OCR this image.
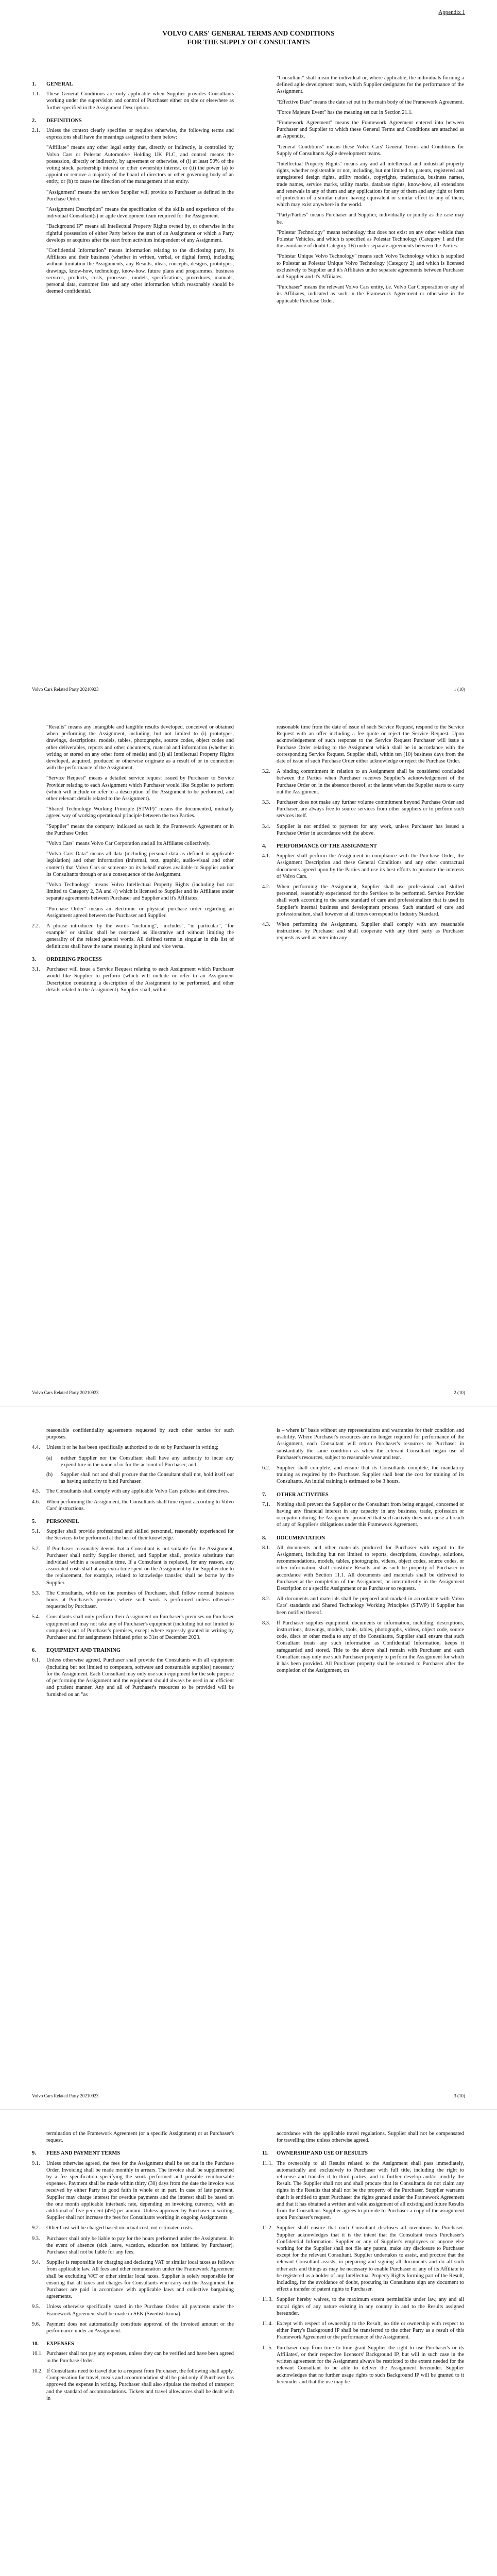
Appendix 1
VOLVO CARS' GENERAL TERMS AND CONDITIONS
FOR THE SUPPLY OF CONSULTANTS
1.	GENERAL
1.1.	These General Conditions are only applicable when Supplier provides Consultants working under the supervision and control of Purchaser either on site or elsewhere as further specified in the Assignment Description.
2.	DEFINITIONS
2.1.	Unless the context clearly specifies or requires otherwise, the following terms and expressions shall have the meanings assigned to them below:
"Affiliate" means any other legal entity that, directly or indirectly, is controlled by Volvo Cars or Polestar Automotive Holding UK PLC, and control means the possession, directly or indirectly, by agreement or otherwise, of (i) at least 50% of the voting stock, partnership interest or other ownership interest, or (ii) the power (a) to appoint or remove a majority of the board of directors or other governing body of an entity, or (b) to cause the direction of the management of an entity.
"Assignment" means the services Supplier will provide to Purchaser as defined in the Purchase Order.
"Assignment Description" means the specification of the skills and experience of the individual Consultant(s) or agile development team required for the Assignment.
"Background IP" means all Intellectual Property Rights owned by, or otherwise in the rightful possession of either Party before the start of an Assignment or which a Party develops or acquires after the start from activities independent of any Assignment.
"Confidential Information" means information relating to the disclosing party, its Affiliates and their business (whether in written, verbal, or digital form), including without limitation the Assignments, any Results, ideas, concepts, designs, prototypes, drawings, know-how, technology, know-how, future plans and programmes, business services, products, costs, processes, models, specifications, procedures, manuals, personal data, customer lists and any other information which reasonably should be deemed confidential.
"Consultant" shall mean the individual or, where applicable, the individuals forming a defined agile development team, which Supplier designates for the performance of the Assignment.
"Effective Date" means the date set out in the main body of the Framework Agreement.
"Force Majeure Event" has the meaning set out in Section 21.1.
"Framework Agreement" means the Framework Agreement entered into between Purchaser and Supplier to which these General Terms and Conditions are attached as an Appendix.
"General Conditions" means these Volvo Cars' General Terms and Conditions for Supply of Consultants Agile development teams.
"Intellectual Property Rights" means any and all intellectual and industrial property rights, whether registerable or not, including, but not limited to, patents, registered and unregistered design rights, utility models, copyrights, trademarks, business names, trade names, service marks, utility marks, database rights, know-how, all extensions and renewals in any of them and any applications for any of them and any right or form of protection of a similar nature having equivalent or similar effect to any of them, which may exist anywhere in the world.
"Party/Parties" means Purchaser and Supplier, individually or jointly as the case may be.
"Polestar Technology" means technology that does not exist on any other vehicle than Polestar Vehicles, and which is specified as Polestar Technology (Category 1 and (for the avoidance of doubt Category 1B) under separate agreements between the Parties.
"Polestar Unique Volvo Technology" means such Volvo Technology which is supplied to Polestar as Polestar Unique Volvo Technology (Category 2) and which is licensed exclusively to Supplier and it's Affiliates under separate agreements between Purchaser and Supplier and it's Affiliates.
"Purchaser" means the relevant Volvo Cars entity, i.e. Volvo Car Corporation or any of its Affiliates, indicated as such in the Framework Agreement or otherwise in the applicable Purchase Order.
Volvo Cars Related Party 20210923	1 (10)
"Results" means any intangible and tangible results developed, conceived or obtained when performing the Assignment, including, but not limited to (i) prototypes, drawings, descriptions, models, tables, photographs, source codes, object codes and other deliverables, reports and other documents, material and information (whether in writing or stored on any other form of media) and (ii) all Intellectual Property Rights developed, acquired, produced or otherwise originate as a result of or in connection with the performance of the Assignment.
"Service Request" means a detailed service request issued by Purchaser to Service Provider relating to each Assignment which Purchaser would like Supplier to perform (which will include or refer to a description of the Assignment to be performed, and other relevant details related to the Assignment).
"Shared Technology Working Principle (STWP)" means the documented, mutually agreed way of working operational principle between the two Parties.
"Supplier" means the company indicated as such in the Framework Agreement or in the Purchase Order.
"Volvo Cars" means Volvo Car Corporation and all its Affiliates collectively.
"Volvo Cars Data" means all data (including personal data as defined in applicable legislation) and other information (informal, text, graphic, audio-visual and other content) that Volvo Cars or someone on its behalf makes available to Supplier and/or its Consultants through or as a consequence of the Assignment.
"Volvo Technology" means Volvo Intellectual Property Rights (including but not limited to Category 2, 3A and 4) which is licensed to Supplier and its Affiliates under separate agreements between Purchaser and Supplier and it's Affiliates.
"Purchase Order" means an electronic or physical purchase order regarding an Assignment agreed between the Purchaser and Supplier.
2.2.	A phrase introduced by the words "including", "includes", "in particular", "for example" or similar, shall be construed as illustrative and without limiting the generality of the related general words. All defined terms in singular in this list of definitions shall have the same meaning in plural and vice versa.
3.	ORDERING PROCESS
3.1.	Purchaser will issue a Service Request relating to each Assignment which Purchaser would like Supplier to perform (which will include or refer to an Assignment Description containing a description of the Assignment to be performed, and other details related to the Assignment). Supplier shall, within
reasonable time from the date of issue of such Service Request, respond to the Service Request with an offer including a fee quote or reject the Service Request. Upon acknowledgement of such response to the Service Request Purchaser will issue a Purchase Order relating to the Assignment which shall be in accordance with the corresponding Service Request. Supplier shall, within ten (10) business days from the date of issue of such Purchase Order either acknowledge or reject the Purchase Order.
3.2.	A binding commitment in relation to an Assignment shall be considered concluded between the Parties when Purchaser receives Supplier's acknowledgement of the Purchase Order or, in the absence thereof, at the latest when the Supplier starts to carry out the Assignment.
3.3.	Purchaser does not make any further volume commitment beyond Purchase Order and Purchaser, are always free to source services from other suppliers or to perform such services itself.
3.4.	Supplier is not entitled to payment for any work, unless Purchaser has issued a Purchase Order in accordance with the above.
4.	PERFORMANCE OF THE ASSIGNMENT
4.1.	Supplier shall perform the Assignment in compliance with the Purchase Order, the Assignment Description and these General Conditions and any other contractual documents agreed upon by the Parties and use its best efforts to promote the interests of Volvo Cars.
4.2.	When performing the Assignment, Supplier shall use professional and skilled personnel, reasonably experienced for the Services to be performed. Service Provider shall work according to the same standard of care and professionalism that is used in Supplier's internal business and development process. Such standard of care and professionalism, shall however at all times correspond to Industry Standard.
4.3.	When performing the Assignment, Supplier shall comply with any reasonable instructions by Purchaser and shall cooperate with any third party as Purchaser requests as well as enter into any
Volvo Cars Related Party 20210923	2 (10)
reasonable confidentiality agreements requested by such other parties for such purposes.
4.4.	Unless it or he has been specifically authorized to do so by Purchaser in writing;
(a)	neither Supplier nor the Consultant shall have any authority to incur any expenditure in the name of or for the account of Purchaser; and
(b)	Supplier shall not and shall procure that the Consultant shall not, hold itself out as having authority to bind Purchaser.
4.5.	The Consultants shall comply with any applicable Volvo Cars policies and directives.
4.6.	When performing the Assignment, the Consultants shall time report according to Volvo Cars' instructions.
5.	PERSONNEL
5.1.	Supplier shall provide professional and skilled personnel, reasonably experienced for the Services to be performed at the best of their knowledge.
5.2.	If Purchaser reasonably deems that a Consultant is not suitable for the Assignment, Purchaser shall notify Supplier thereof, and Supplier shall, provide substitute that individual within a reasonable time. If a Consultant is replaced, for any reason, any associated costs shall at any extra time spent on the Assignment by the Supplier due to the replacement, for example, related to knowledge transfer, shall be borne by the Supplier.
5.3.	The Consultants, while on the premises of Purchaser, shall follow normal business hours at Purchaser's premises where such work is performed unless otherwise requested by Purchaser.
5.4.	Consultants shall only perform their Assignment on Purchaser's premises on Purchaser equipment and may not take any of Purchaser's equipment (including but not limited to computers) out of Purchaser's premises, except where expressly granted in writing by Purchaser and for assignments initiated prior to 31st of December 2023.
6.	EQUIPMENT AND TRAINING
6.1.	Unless otherwise agreed, Purchaser shall provide the Consultants with all equipment (including but not limited to computers, software and consumable supplies) necessary for the Assignment. Each Consultant may only use such equipment for the sole purpose of performing the Assignment and the equipment should always be used in an efficient and prudent manner. Any and all of Purchaser's resources to be provided will be furnished on an "as
is – where is" basis without any representations and warranties for their condition and usability. Where Purchaser's resources are no longer required for performance of the Assignment, each Consultant will return Purchaser's resources to Purchaser in substantially the same condition as when the relevant Consultant began use of Purchaser's resources, subject to reasonable wear and tear.
6.2.	Supplier shall complete, and ensure that its Consultants complete, the mandatory training as required by the Purchaser. Supplier shall bear the cost for training of its Consultants. An initial training is estimated to be 3 hours.
7.	OTHER ACTIVITIES
7.1.	Nothing shall prevent the Supplier or the Consultant from being engaged, concerned or having any financial interest in any capacity in any business, trade, profession or occupation during the Assignment provided that such activity does not cause a breach of any of Supplier's obligations under this Framework Agreement.
8.	DOCUMENTATION
8.1.	All documents and other materials produced for Purchaser with regard to the Assignment, including but not limited to reports, descriptions, drawings, solutions, recommendations, models, tables, photographs, videos, object codes, source codes, or other information, shall constitute Results and as such be property of Purchaser in accordance with Section 11.1. All documents and materials shall be delivered to Purchaser at the completion of the Assignment, or intermittently in the Assignment Description or a specific Assignment or as Purchaser so requests.
8.2.	All documents and materials shall be prepared and marked in accordance with Volvo Cars' standards and Shared Technology Working Principles (STWP) if Supplier has been notified thereof.
8.3.	If Purchaser supplies equipment, documents or information, including, descriptions, instructions, drawings, models, tools, tables, photographs, videos, object code, source code, discs or other media to any of the Consultants, Supplier shall ensure that such Consultant treats any such information as Confidential Information, keeps it safeguarded and stored. Title to the above shall remain with Purchaser and each Consultant may only use such Purchaser property to perform the Assignment for which it has been provided. All Purchaser property shall be returned to Purchaser after the completion of the Assignment, on
Volvo Cars Related Party 20210923	3 (10)
termination of the Framework Agreement (or a specific Assignment) or at Purchaser's request.
9.	FEES AND PAYMENT TERMS
9.1.	Unless otherwise agreed, the fees for the Assignment shall be set out in the Purchase Order. Invoicing shall be made monthly in arrears. The invoice shall be supplemented by a fee specification specifying the work performed and possible reimbursable expenses. Payment shall be made within thirty (30) days from the date the invoice was received by either Party in good faith in whole or in part. In case of late payment, Supplier may charge interest for overdue payments and the interest shall be based on the one month applicable interbank rate, depending on invoicing currency, with an additional of five per cent (4%) per annum. Unless approved by Purchaser in writing, Supplier shall not increase the fees for Consultants working in ongoing Assignments.
9.2.	Other Cost will be charged based on actual cost, not estimated costs.
9.3.	Purchaser shall only be liable to pay for the hours performed under the Assignment. In the event of absence (sick leave, vacation, education not initiated by Purchaser), Purchaser shall not be liable for any fees.
9.4.	Supplier is responsible for charging and declaring VAT or similar local taxes as follows from applicable law. All fees and other remuneration under the Framework Agreement shall be excluding VAT or other similar local taxes. Supplier is solely responsible for ensuring that all taxes and charges for Consultants who carry out the Assignment for Purchaser are paid in accordance with applicable laws and collective bargaining agreements.
9.5.	Unless otherwise specifically stated in the Purchase Order, all payments under the Framework Agreement shall be made in SEK (Swedish krona).
9.6.	Payment does not automatically constitute approval of the invoiced amount or the performance under an Assignment.
10.	EXPENSES
10.1. Purchaser shall not pay any expenses, unless they can be verified and have been agreed in the Purchase Order.
10.2. If Consultants need to travel due to a request from Purchaser, the following shall apply. Compensation for travel, meals and accommodation shall be paid only if Purchaser has approved the expense in writing. Purchaser shall also stipulate the method of transport and the standard of accommodations. Tickets and travel allowances shall be dealt with in
accordance with the applicable travel regulations. Supplier shall not be compensated for travelling time unless otherwise agreed.
11.	OWNERSHIP AND USE OF RESULTS
11.1. The ownership to all Results related to the Assignment shall pass immediately, automatically and exclusively to Purchaser with full title, including the right to relicense and transfer it to third parties, and to further develop and/or modify the Result. The Supplier shall not and shall procure that its Consultants do not claim any rights in the Results that shall not be the property of the Purchaser. Supplier warrants that it is entitled to grant Purchaser the rights granted under the Framework Agreement and that it has obtained a written and valid assignment of all existing and future Results from the Consultant. Supplier agrees to provide to Purchaser a copy of the assignment upon Purchaser's request.
11.2. Supplier shall ensure that each Consultant discloses all inventions to Purchaser. Supplier acknowledges that it is the intent that the Consultant treats Purchaser's Confidential Information. Supplier or any of Supplier's employees or anyone else working for the Supplier shall not file any patent, make any disclosure to Purchaser except for the relevant Consultant. Supplier undertakes to assist, and procure that the relevant Consultant assists, in preparing and signing all documents and do all such other acts and things as may be necessary to enable Purchaser or any of its Affiliate to be registered as a holder of any Intellectual Property Rights forming part of the Result, including, for the avoidance of doubt, procuring its Consultants sign any document to effect a transfer of patent rights to Purchaser.
11.3. Supplier hereby waives, to the maximum extent permissible under law, any and all moral rights of any nature existing in any country in and to the Results assigned hereunder.
11.4. Except with respect of ownership to the Result, no title or ownership with respect to either Party's Background IP shall be transferred to the other Party as a result of this Framework Agreement or the performance of the Assignment.
11.5. Purchaser may from time to time grant Supplier the right to use Purchaser's or its Affiliates', or their respective licensors' Background IP, but will in such case in the written agreement for the Assignment always be restricted to the extent needed for the relevant Consultant to be able to deliver the Assignment hereunder. Supplier acknowledges that no further usage rights to such Background IP will be granted to it hereunder and that the use may be
